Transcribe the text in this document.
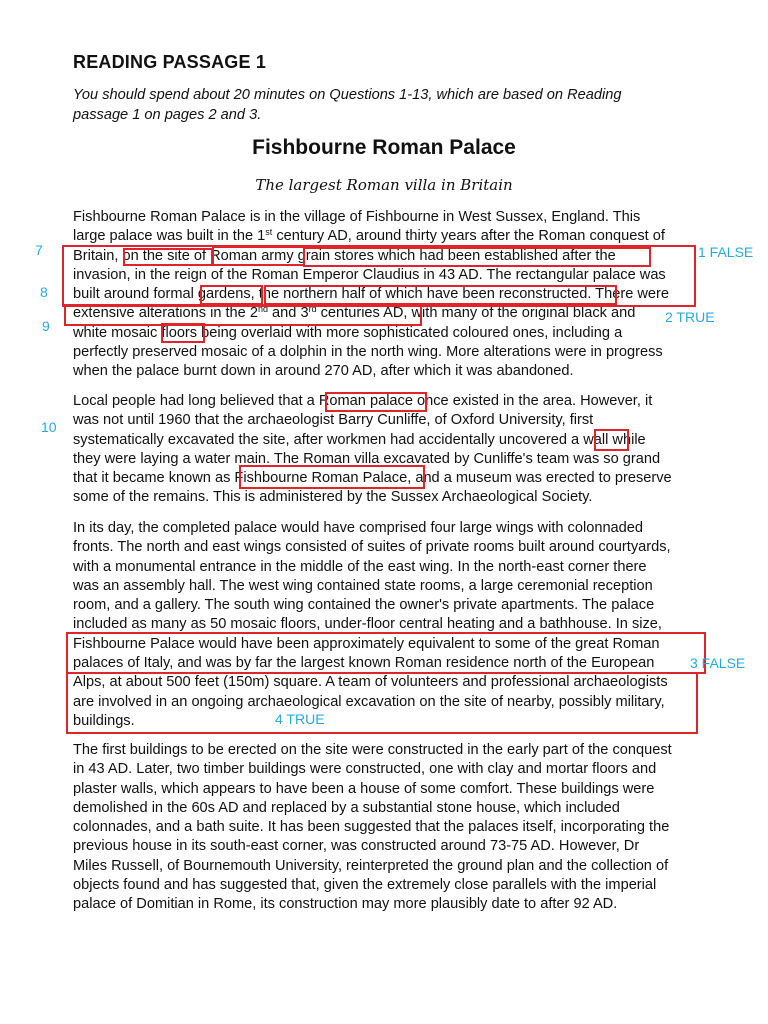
READING PASSAGE 1

You should spend about 20 minutes on Questions 1-13, which are based on Reading
passage 1 on pages 2 and 3.

Fishbourne Roman Palace

The largest Roman villa in Britain

Fishbourne Roman Palace is in the village of Fishbourne in West Sussex, England. This
large palace was built in the 1st century AD, around thirty years after the Roman conquest of
Britain, on the site of Roman army grain stores which had been established after the
invasion, in the reign of the Roman Emperor Claudius in 43 AD. The rectangular palace was
built around formal gardens, the northern half of which have been reconstructed. There were
extensive alterations in the 2nd and 3rd centuries AD, with many of the original black and
white mosaic floors being overlaid with more sophisticated coloured ones, including a
perfectly preserved mosaic of a dolphin in the north wing. More alterations were in progress
when the palace burnt down in around 270 AD, after which it was abandoned.

Local people had long believed that a Roman palace once existed in the area. However, it
was not until 1960 that the archaeologist Barry Cunliffe, of Oxford University, first
systematically excavated the site, after workmen had accidentally uncovered a wall while
they were laying a water main. The Roman villa excavated by Cunliffe's team was so grand
that it became known as Fishbourne Roman Palace, and a museum was erected to preserve
some of the remains. This is administered by the Sussex Archaeological Society.

In its day, the completed palace would have comprised four large wings with colonnaded
fronts. The north and east wings consisted of suites of private rooms built around courtyards,
with a monumental entrance in the middle of the east wing. In the north-east corner there
was an assembly hall. The west wing contained state rooms, a large ceremonial reception
room, and a gallery. The south wing contained the owner's private apartments. The palace
included as many as 50 mosaic floors, under-floor central heating and a bathhouse. In size,
Fishbourne Palace would have been approximately equivalent to some of the great Roman
palaces of Italy, and was by far the largest known Roman residence north of the European
Alps, at about 500 feet (150m) square. A team of volunteers and professional archaeologists
are involved in an ongoing archaeological excavation on the site of nearby, possibly military,
buildings.

The first buildings to be erected on the site were constructed in the early part of the conquest
in 43 AD. Later, two timber buildings were constructed, one with clay and mortar floors and
plaster walls, which appears to have been a house of some comfort. These buildings were
demolished in the 60s AD and replaced by a substantial stone house, which included
colonnades, and a bath suite. It has been suggested that the palaces itself, incorporating the
previous house in its south-east corner, was constructed around 73-75 AD. However, Dr
Miles Russell, of Bournemouth University, reinterpreted the ground plan and the collection of
objects found and has suggested that, given the extremely close parallels with the imperial
palace of Domitian in Rome, its construction may more plausibly date to after 92 AD.

7
8
9
10
1 FALSE
2 TRUE
3 FALSE
4 TRUE
